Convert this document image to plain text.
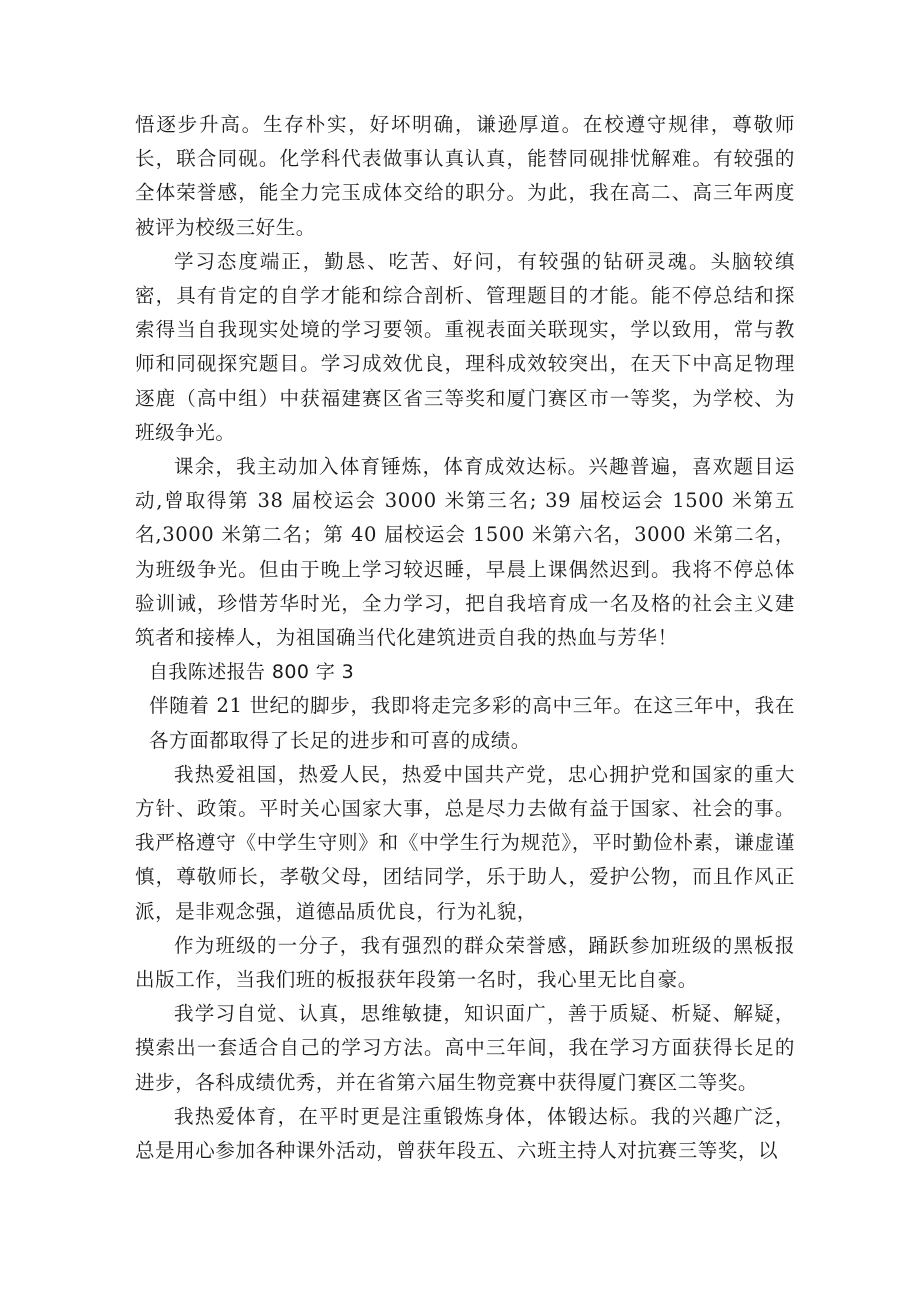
悟逐步升高。生存朴实，好坏明确，谦逊厚道。在校遵守规律，尊敬师长，联合同砚。化学科代表做事认真认真，能替同砚排忧解难。有较强的全体荣誉感，能全力完玉成体交给的职分。为此，我在高二、高三年两度被评为校级三好生。

学习态度端正，勤恳、吃苦、好问，有较强的钻研灵魂。头脑较缜密，具有肯定的自学才能和综合剖析、管理题目的才能。能不停总结和探索得当自我现实处境的学习要领。重视表面关联现实，学以致用，常与教师和同砚探究题目。学习成效优良，理科成效较突出，在天下中高足物理逐鹿（高中组）中获福建赛区省三等奖和厦门赛区市一等奖，为学校、为班级争光。

课余，我主动加入体育锤炼，体育成效达标。兴趣普遍，喜欢题目运动,曾取得第 38 届校运会 3000 米第三名; 39 届校运会 1500 米第五名,3000 米第二名；第 40 届校运会 1500 米第六名，3000 米第二名，为班级争光。但由于晚上学习较迟睡，早晨上课偶然迟到。我将不停总体验训诫，珍惜芳华时光，全力学习，把自我培育成一名及格的社会主义建筑者和接棒人，为祖国确当代化建筑进贡自我的热血与芳华！

自我陈述报告 800 字 3

伴随着 21 世纪的脚步，我即将走完多彩的高中三年。在这三年中，我在各方面都取得了长足的进步和可喜的成绩。

我热爱祖国，热爱人民，热爱中国共产党，忠心拥护党和国家的重大方针、政策。平时关心国家大事，总是尽力去做有益于国家、社会的事。我严格遵守《中学生守则》和《中学生行为规范》，平时勤俭朴素，谦虚谨慎，尊敬师长，孝敬父母，团结同学，乐于助人，爱护公物，而且作风正派，是非观念强，道德品质优良，行为礼貌，

作为班级的一分子，我有强烈的群众荣誉感，踊跃参加班级的黑板报出版工作，当我们班的板报获年段第一名时，我心里无比自豪。

我学习自觉、认真，思维敏捷，知识面广，善于质疑、析疑、解疑，摸索出一套适合自己的学习方法。高中三年间，我在学习方面获得长足的进步，各科成绩优秀，并在省第六届生物竞赛中获得厦门赛区二等奖。

我热爱体育，在平时更是注重锻炼身体，体锻达标。我的兴趣广泛，总是用心参加各种课外活动，曾获年段五、六班主持人对抗赛三等奖，以
